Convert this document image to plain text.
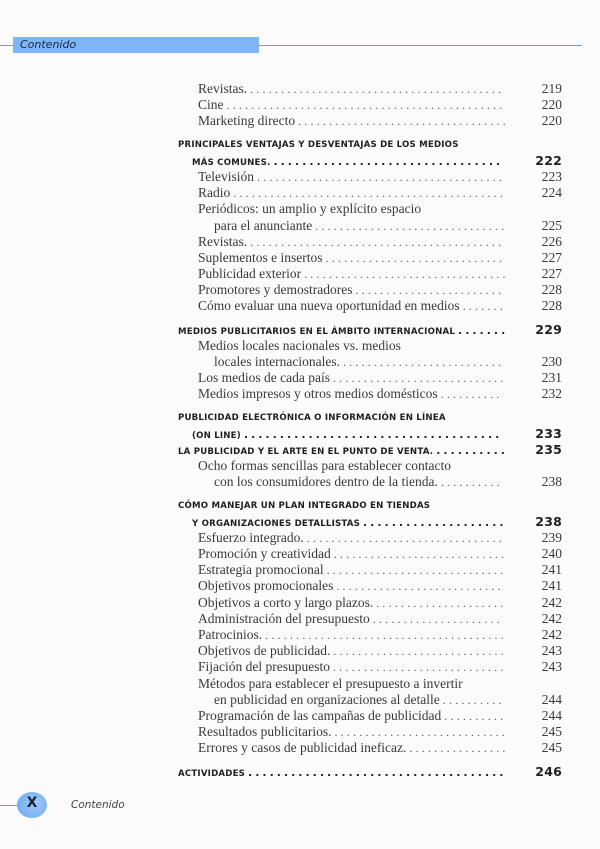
Contenido
Revistas. .........................................	219
Cine .............................................	220
Marketing directo ..................................	220
PRINCIPALES VENTAJAS Y DESVENTAJAS DE LOS MEDIOS
MÁS COMUNES. ................................	222
Televisión ........................................	223
Radio ............................................	224
Periódicos: un amplio y explícito espacio
para el anunciante ...............................	225
Revistas. .........................................	226
Suplementos e insertos .............................	227
Publicidad exterior .................................	227
Promotores y demostradores ........................	228
Cómo evaluar una nueva oportunidad en medios .......	228
MEDIOS PUBLICITARIOS EN EL ÁMBITO INTERNACIONAL .......	229
Medios locales nacionales vs. medios
locales internacionales. ..........................	230
Los medios de cada país ............................	231
Medios impresos y otros medios domésticos ..........	232
PUBLICIDAD ELECTRÓNICA O INFORMACIÓN EN LÍNEA
(ON LINE) ....................................	233
LA PUBLICIDAD Y EL ARTE EN EL PUNTO DE VENTA. ..........	235
Ocho formas sencillas para establecer contacto
con los consumidores dentro de la tienda. ..........	238
CÓMO MANEJAR UN PLAN INTEGRADO EN TIENDAS
Y ORGANIZACIONES DETALLISTAS ....................	238
Esfuerzo integrado. ................................	239
Promoción y creatividad ............................	240
Estrategia promocional .............................	241
Objetivos promocionales ...........................	241
Objetivos a corto y largo plazos. .....................	242
Administración del presupuesto .....................	242
Patrocinios. .......................................	242
Objetivos de publicidad. ............................	243
Fijación del presupuesto ............................	243
Métodos para establecer el presupuesto a invertir
en publicidad en organizaciones al detalle ..........	244
Programación de las campañas de publicidad ..........	244
Resultados publicitarios. ............................	245
Errores y casos de publicidad ineficaz. ................	245
ACTIVIDADES ....................................	246
X	Contenido
